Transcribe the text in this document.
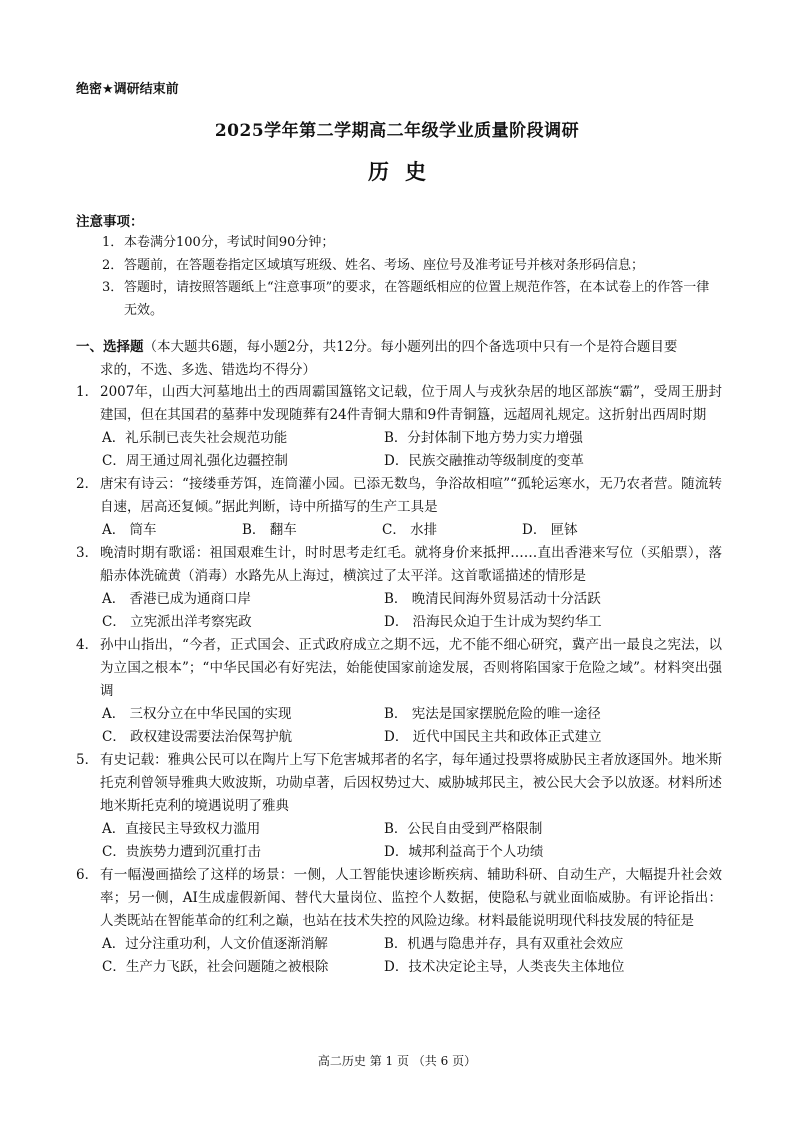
绝密★调研结束前
2025学年第二学期高二年级学业质量阶段调研
历史
注意事项：
1． 本卷满分100分，考试时间90分钟；
2． 答题前，在答题卷指定区域填写班级、姓名、考场、座位号及准考证号并核对条形码信息；
3． 答题时，请按照答题纸上“注意事项”的要求，在答题纸相应的位置上规范作答，在本试卷上的作答一律无效。
一、选择题（本大题共6题，每小题2分，共12分。每小题列出的四个备选项中只有一个是符合题目要
求的，不选、多选、错选均不得分）
1． 2007年，山西大河墓地出土的西周霸国簋铭文记载，位于周人与戎狄杂居的地区部族“霸”，受周王册封建国，但在其国君的墓葬中发现随葬有24件青铜大鼎和9件青铜簋，远超周礼规定。这折射出西周时期
A．礼乐制已丧失社会规范功能	B．分封体制下地方势力实力增强
C．周王通过周礼强化边疆控制	D．民族交融推动等级制度的变革
2． 唐宋有诗云：“接缕垂芳饵，连筒灌小园。已添无数鸟，争浴故相喧”“孤轮运寒水，无乃农者营。随流转自速，居高还复倾。”据此判断，诗中所描写的生产工具是
A． 筒车	B． 翻车	C． 水排	D． 匣钵
3． 晚清时期有歌谣：祖国艰难生计，时时思考走红毛。就将身价来抵押……直出香港来写位（买船票），落船赤体洗硫黄（消毒）水路先从上海过，横滨过了太平洋。这首歌谣描述的情形是
A． 香港已成为通商口岸	B． 晚清民间海外贸易活动十分活跃
C． 立宪派出洋考察宪政	D． 沿海民众迫于生计成为契约华工
4． 孙中山指出，“今者，正式国会、正式政府成立之期不远，尤不能不细心研究，冀产出一最良之宪法，以为立国之根本”；“中华民国必有好宪法，始能使国家前途发展，否则将陷国家于危险之域”。材料突出强调
A． 三权分立在中华民国的实现	B． 宪法是国家摆脱危险的唯一途径
C． 政权建设需要法治保驾护航	D． 近代中国民主共和政体正式建立
5． 有史记载：雅典公民可以在陶片上写下危害城邦者的名字，每年通过投票将威胁民主者放逐国外。地米斯托克利曾领导雅典大败波斯，功勋卓著，后因权势过大、威胁城邦民主，被公民大会予以放逐。材料所述地米斯托克利的境遇说明了雅典
A．直接民主导致权力滥用	B．公民自由受到严格限制
C．贵族势力遭到沉重打击	D．城邦利益高于个人功绩
6． 有一幅漫画描绘了这样的场景：一侧，人工智能快速诊断疾病、辅助科研、自动生产，大幅提升社会效率；另一侧，AI生成虚假新闻、替代大量岗位、监控个人数据，使隐私与就业面临威胁。有评论指出：人类既站在智能革命的红利之巅，也站在技术失控的风险边缘。材料最能说明现代科技发展的特征是
A．过分注重功利，人文价值逐渐消解	B．机遇与隐患并存，具有双重社会效应
C．生产力飞跃，社会问题随之被根除	D．技术决定论主导，人类丧失主体地位
高二历史 第 1 页 （共 6 页）
